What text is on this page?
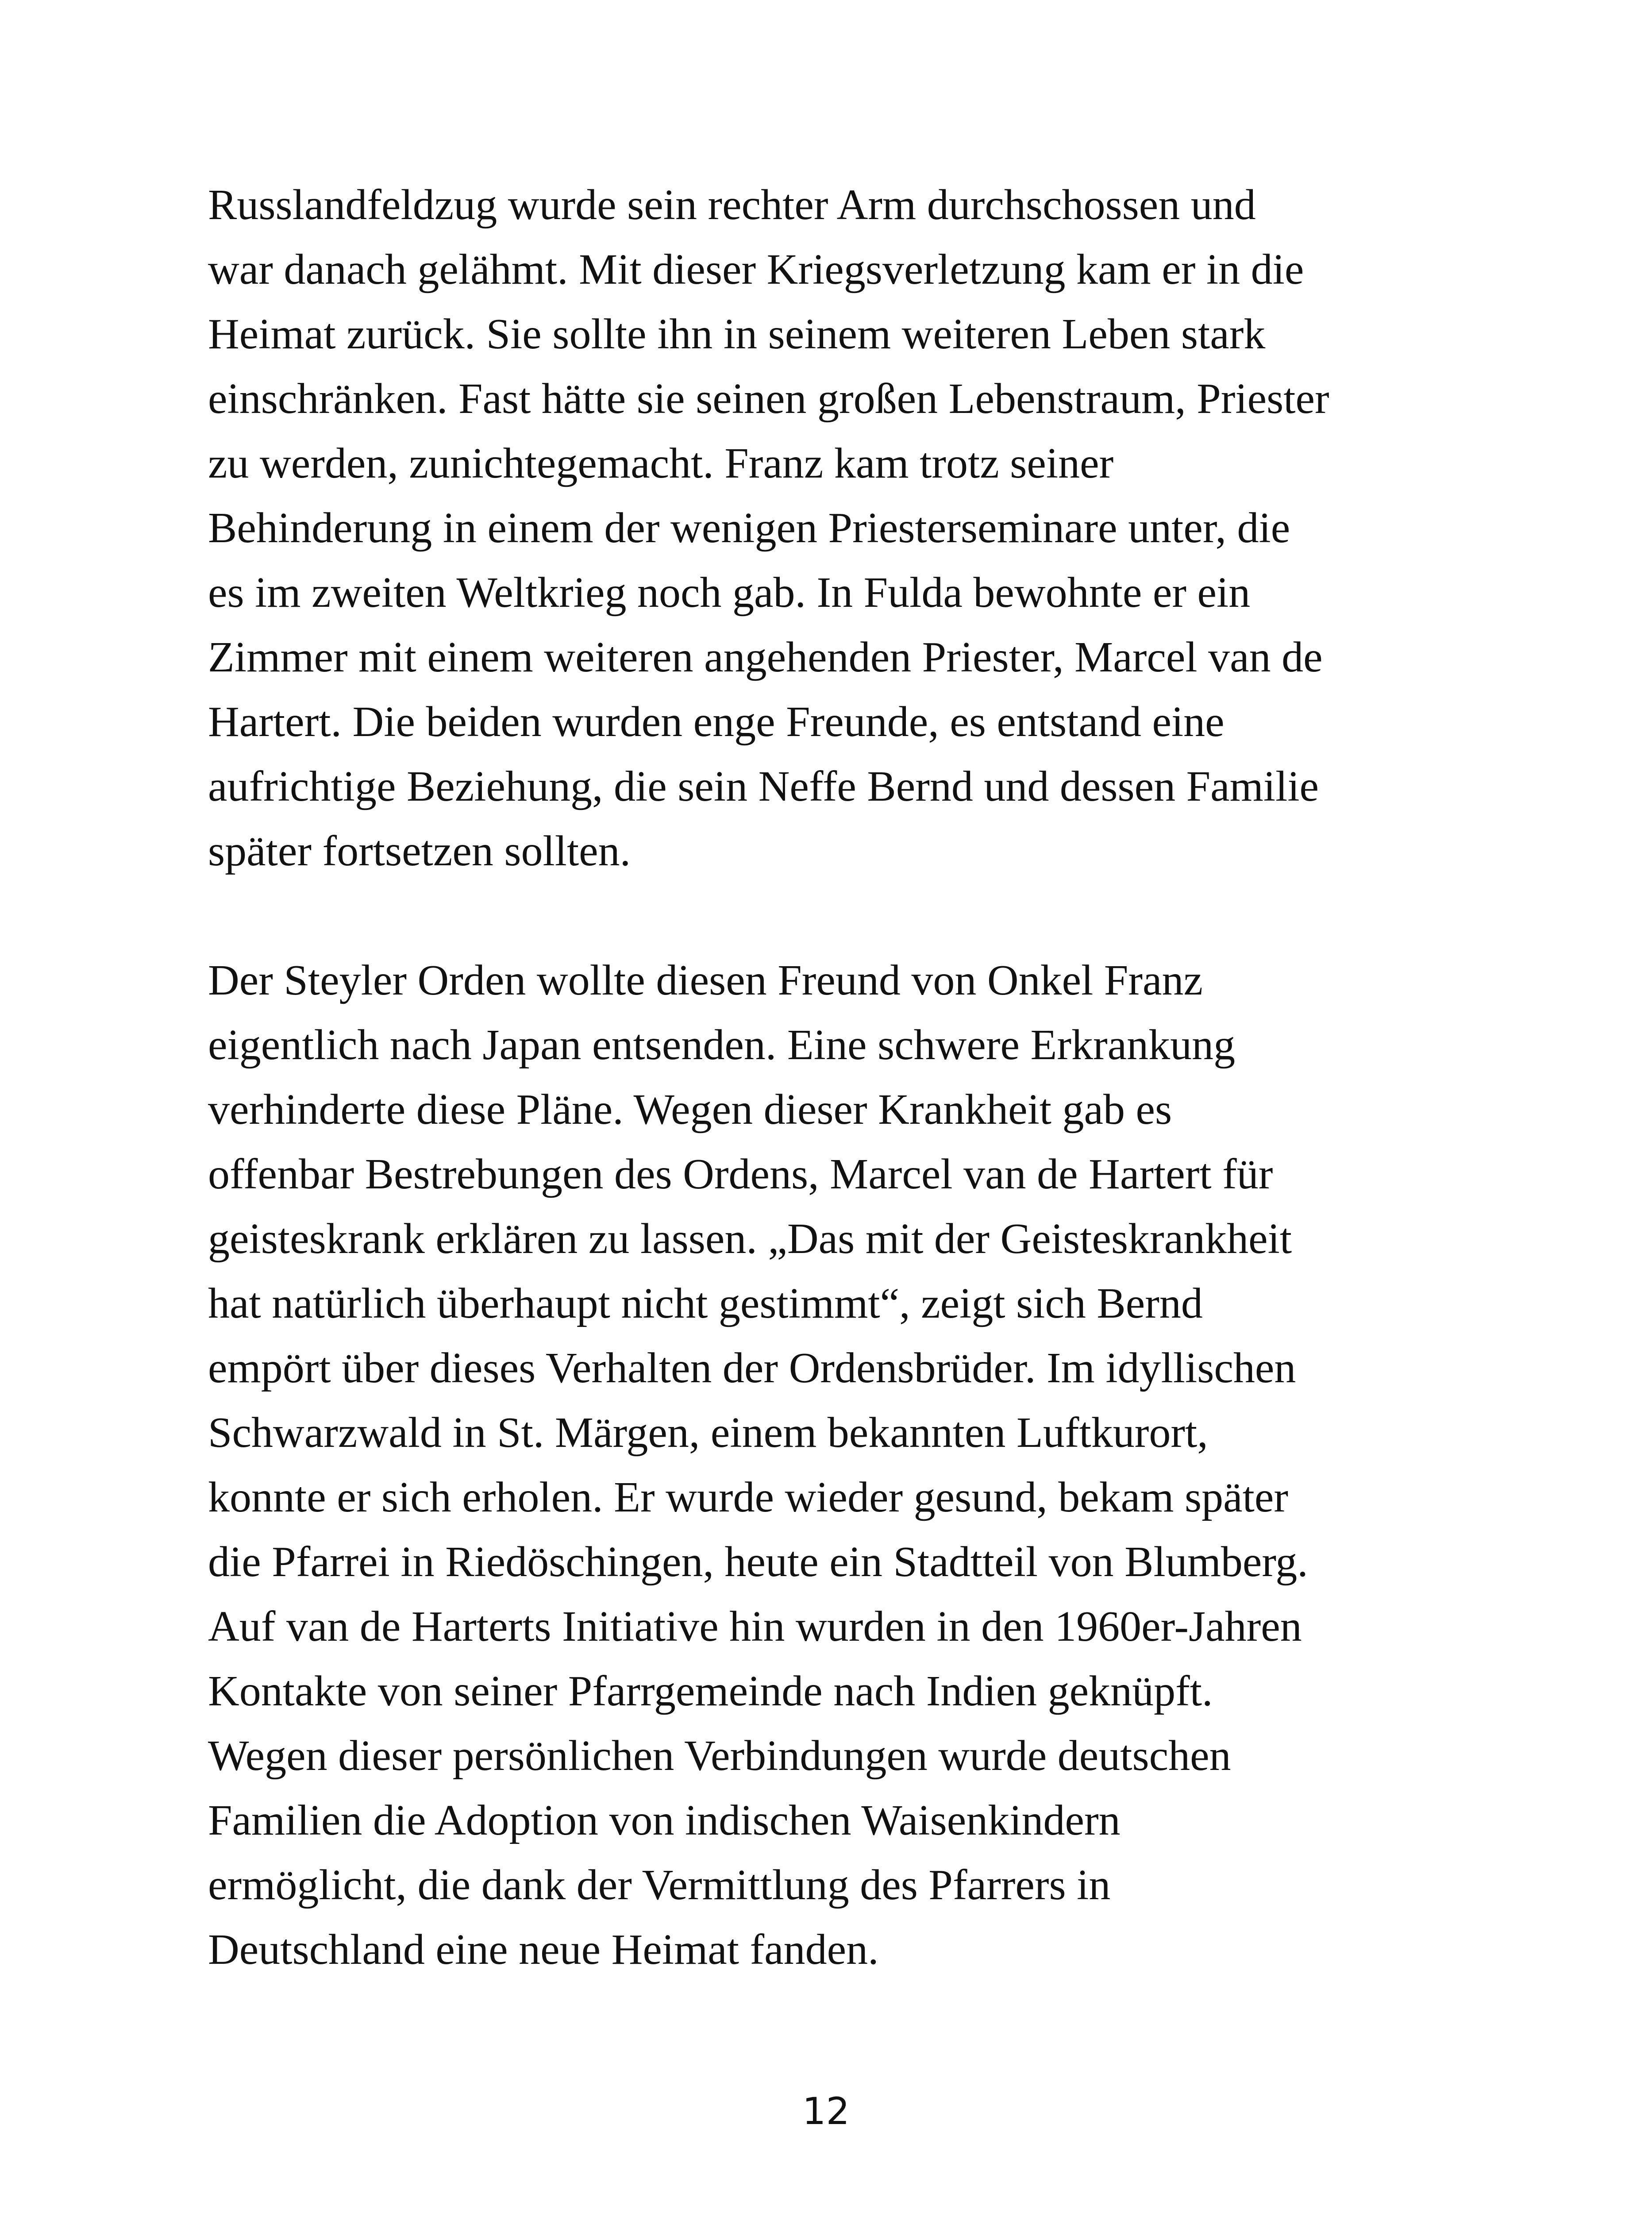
Russlandfeldzug wurde sein rechter Arm durchschossen und
war danach gelähmt. Mit dieser Kriegsverletzung kam er in die
Heimat zurück. Sie sollte ihn in seinem weiteren Leben stark
einschränken. Fast hätte sie seinen großen Lebenstraum, Priester
zu werden, zunichtegemacht. Franz kam trotz seiner
Behinderung in einem der wenigen Priesterseminare unter, die
es im zweiten Weltkrieg noch gab. In Fulda bewohnte er ein
Zimmer mit einem weiteren angehenden Priester, Marcel van de
Hartert. Die beiden wurden enge Freunde, es entstand eine
aufrichtige Beziehung, die sein Neffe Bernd und dessen Familie
später fortsetzen sollten.

Der Steyler Orden wollte diesen Freund von Onkel Franz
eigentlich nach Japan entsenden. Eine schwere Erkrankung
verhinderte diese Pläne. Wegen dieser Krankheit gab es
offenbar Bestrebungen des Ordens, Marcel van de Hartert für
geisteskrank erklären zu lassen. „Das mit der Geisteskrankheit
hat natürlich überhaupt nicht gestimmt“, zeigt sich Bernd
empört über dieses Verhalten der Ordensbrüder. Im idyllischen
Schwarzwald in St. Märgen, einem bekannten Luftkurort,
konnte er sich erholen. Er wurde wieder gesund, bekam später
die Pfarrei in Riedöschingen, heute ein Stadtteil von Blumberg.
Auf van de Harterts Initiative hin wurden in den 1960er-Jahren
Kontakte von seiner Pfarrgemeinde nach Indien geknüpft.
Wegen dieser persönlichen Verbindungen wurde deutschen
Familien die Adoption von indischen Waisenkindern
ermöglicht, die dank der Vermittlung des Pfarrers in
Deutschland eine neue Heimat fanden.

12
